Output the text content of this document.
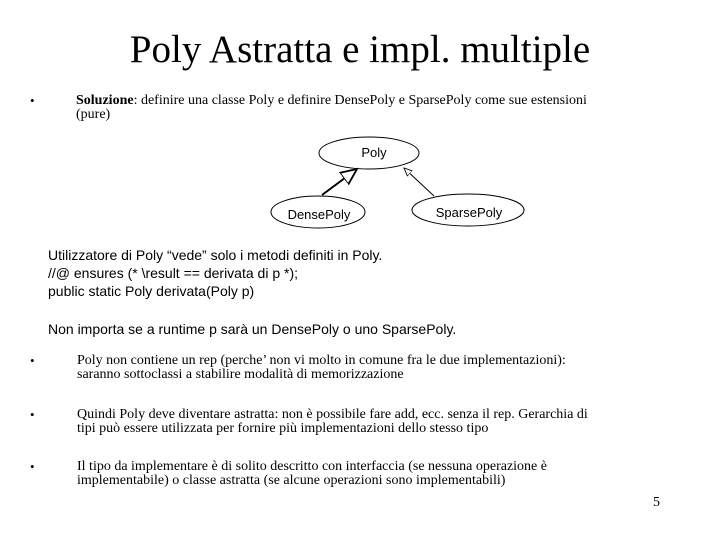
Poly Astratta e impl. multiple
•	Soluzione: definire una classe Poly e definire DensePoly e SparsePoly come sue estensioni
(pure)
Poly
DensePoly	SparsePoly
Utilizzatore di Poly “vede” solo i metodi definiti in Poly.
//@ ensures (* \result == derivata di p *);
public static Poly derivata(Poly p)
Non importa se a runtime p sarà un DensePoly o uno SparsePoly.
•	Poly non contiene un rep (perche’ non vi molto in comune fra le due implementazioni):
saranno sottoclassi a stabilire modalità di memorizzazione
•	Quindi Poly deve diventare astratta: non è possibile fare add, ecc. senza il rep. Gerarchia di
tipi può essere utilizzata per fornire più implementazioni dello stesso tipo
•	Il tipo da implementare è di solito descritto con interfaccia (se nessuna operazione è
implementabile) o classe astratta (se alcune operazioni sono implementabili)
5
